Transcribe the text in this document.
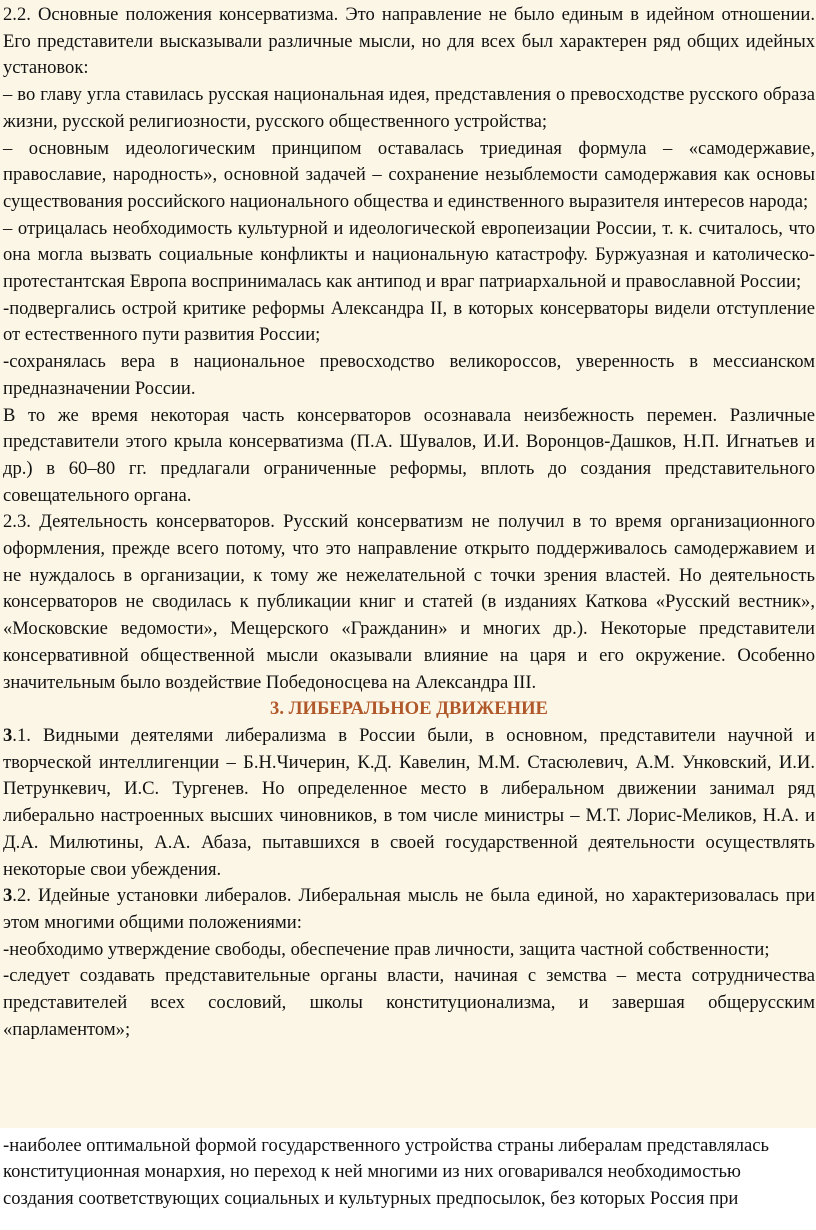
2.2. Основные положения консерватизма. Это направление не было единым в идейном отношении. Его представители высказывали различные мысли, но для всех был характерен ряд общих идейных установок:

– во главу угла ставилась русская национальная идея, представления о превосходстве русского образа жизни, русской религиозности, русского общественного устройства;

– основным идеологическим принципом оставалась триединая формула – «самодержавие, православие, народность», основной задачей – сохранение незыблемости самодержавия как основы существования российского национального общества и единственного выразителя интересов народа;

– отрицалась необходимость культурной и идеологической европеизации России, т. к. считалось, что она могла вызвать социальные конфликты и национальную катастрофу. Буржуазная и католическо-протестантская Европа воспринималась как антипод и враг патриархальной и православной России;

-подвергались острой критике реформы Александра II, в которых консерваторы видели отступление от естественного пути развития России;

-сохранялась вера в национальное превосходство великороссов, уверенность в мессианском предназначении России.

В то же время некоторая часть консерваторов осознавала неизбежность перемен. Различные представители этого крыла консерватизма (П.А. Шувалов, И.И. Воронцов-Дашков, Н.П. Игнатьев и др.) в 60–80 гг. предлагали ограниченные реформы, вплоть до создания представительного совещательного органа.

2.3. Деятельность консерваторов. Русский консерватизм не получил в то время организационного оформления, прежде всего потому, что это направление открыто поддерживалось самодержавием и не нуждалось в организации, к тому же нежелательной с точки зрения властей. Но деятельность консерваторов не сводилась к публикации книг и статей (в изданиях Каткова «Русский вестник», «Московские ведомости», Мещерского «Гражданин» и многих др.). Некоторые представители консервативной общественной мысли оказывали влияние на царя и его окружение. Особенно значительным было воздействие Победоносцева на Александра III.

3. ЛИБЕРАЛЬНОЕ ДВИЖЕНИЕ

3.1. Видными деятелями либерализма в России были, в основном, представители научной и творческой интеллигенции – Б.Н.Чичерин, К.Д. Кавелин, М.М. Стасюлевич, А.М. Унковский, И.И. Петрункевич, И.С. Тургенев. Но определенное место в либеральном движении занимал ряд либерально настроенных высших чиновников, в том числе министры – М.Т. Лорис-Меликов, Н.А. и Д.А. Милютины, А.А. Абаза, пытавшихся в своей государственной деятельности осуществлять некоторые свои убеждения.

3.2. Идейные установки либералов. Либеральная мысль не была единой, но характеризовалась при этом многими общими положениями:

-необходимо утверждение свободы, обеспечение прав личности, защита частной собственности;

-следует создавать представительные органы власти, начиная с земства – места сотрудничества представителей всех сословий, школы конституционализма, и завершая общерусским «парламентом»;

-наиболее оптимальной формой государственного устройства страны либералам представлялась

конституционная монархия, но переход к ней многими из них оговаривался необходимостью

создания соответствующих социальных и культурных предпосылок, без которых Россия при
